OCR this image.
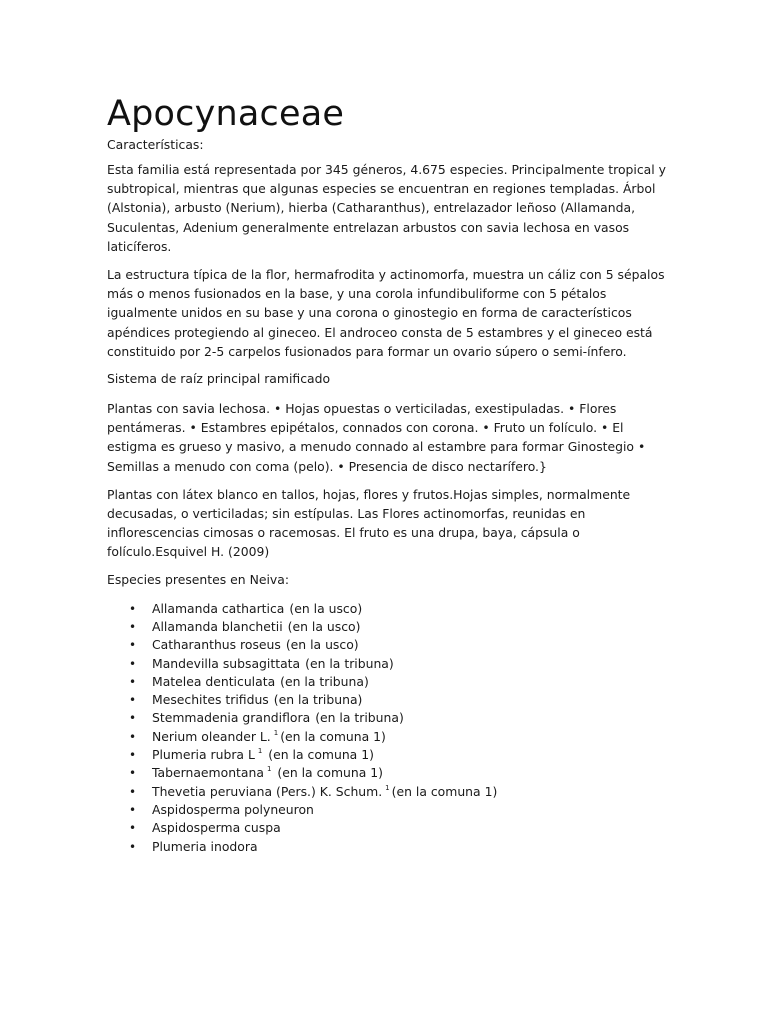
Apocynaceae
Características:

Esta familia está representada por 345 géneros, 4.675 especies. Principalmente tropical y subtropical, mientras que algunas especies se encuentran en regiones templadas. Árbol (Alstonia), arbusto (Nerium), hierba (Catharanthus), entrelazador leñoso (Allamanda, Suculentas, Adenium generalmente entrelazan arbustos con savia lechosa en vasos laticíferos.

La estructura típica de la flor, hermafrodita y actinomorfa, muestra un cáliz con 5 sépalos más o menos fusionados en la base, y una corola infundibuliforme con 5 pétalos igualmente unidos en su base y una corona o ginostegio en forma de característicos apéndices protegiendo al gineceo. El androceo consta de 5 estambres y el gineceo está constituido por 2-5 carpelos fusionados para formar un ovario súpero o semi-ínfero.

Sistema de raíz principal ramificado

Plantas con savia lechosa. • Hojas opuestas o verticiladas, exestipuladas. • Flores pentámeras. • Estambres epipétalos, connados con corona. • Fruto un folículo. • El estigma es grueso y masivo, a menudo connado al estambre para formar Ginostegio • Semillas a menudo con coma (pelo). • Presencia de disco nectarífero.}

Plantas con látex blanco en tallos, hojas, flores y frutos.Hojas simples, normalmente decusadas, o verticiladas; sin estípulas. Las Flores actinomorfas, reunidas en inflorescencias cimosas o racemosas. El fruto es una drupa, baya, cápsula o folículo.Esquivel H. (2009)

Especies presentes en Neiva:

• Allamanda cathartica (en la usco)
• Allamanda blanchetii (en la usco)
• Catharanthus roseus (en la usco)
• Mandevilla subsagittata (en la tribuna)
• Matelea denticulata (en la tribuna)
• Mesechites trifidus (en la tribuna)
• Stemmadenia grandiflora (en la tribuna)
• Nerium oleander L. $^1$ (en la comuna 1)
• Plumeria rubra L $^1$ (en la comuna 1)
• Tabernaemontana $^1$ (en la comuna 1)
• Thevetia peruviana (Pers.) K. Schum. $^1$ (en la comuna 1)
• Aspidosperma polyneuron
• Aspidosperma cuspa
• Plumeria inodora
